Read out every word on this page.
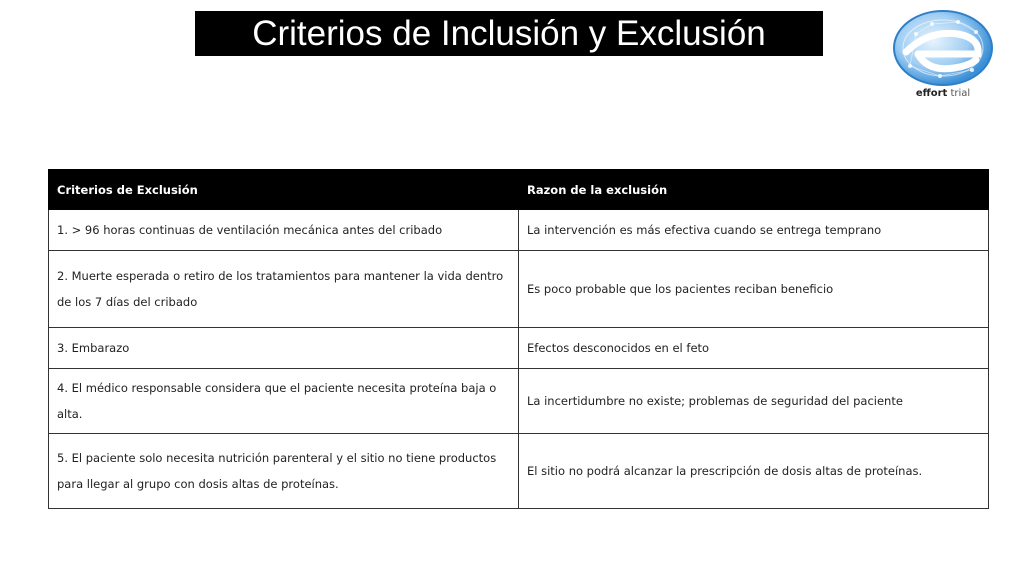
Criterios de Inclusión y Exclusión
effort trial
Criterios de Exclusión	Razon de la exclusión
1. > 96 horas continuas de ventilación mecánica antes del cribado	La intervención es más efectiva cuando se entrega temprano
2. Muerte esperada o retiro de los tratamientos para mantener la vida dentro de los 7 días del cribado	Es poco probable que los pacientes reciban beneficio
3. Embarazo	Efectos desconocidos en el feto
4. El médico responsable considera que el paciente necesita proteína baja o alta.	La incertidumbre no existe; problemas de seguridad del paciente
5. El paciente solo necesita nutrición parenteral y el sitio no tiene productos para llegar al grupo con dosis altas de proteínas.	El sitio no podrá alcanzar la prescripción de dosis altas de proteínas.
